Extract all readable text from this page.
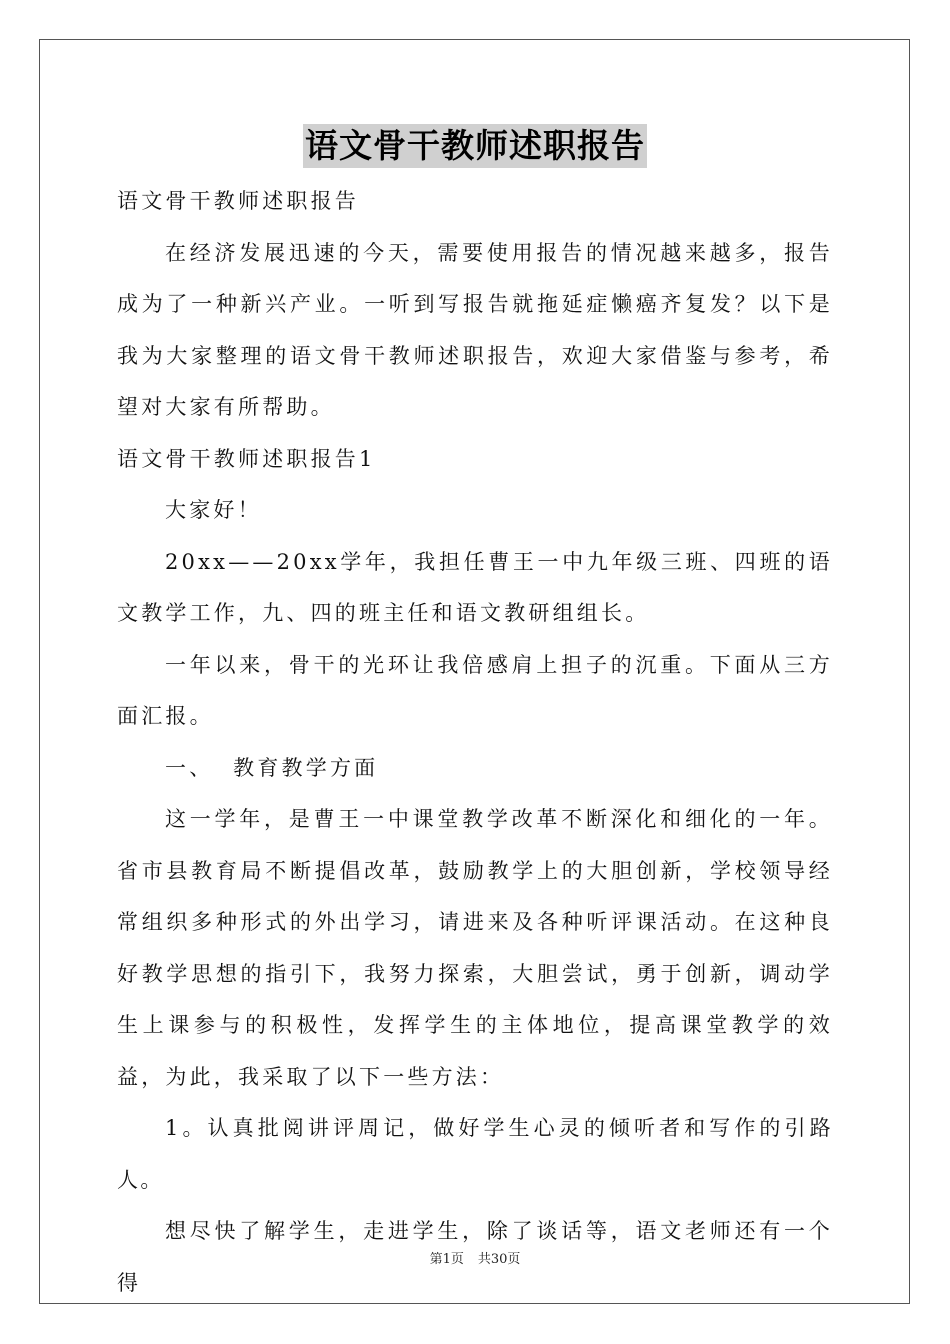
语文骨干教师述职报告

语文骨干教师述职报告

在经济发展迅速的今天，需要使用报告的情况越来越多，报告成为了一种新兴产业。一听到写报告就拖延症懒癌齐复发？以下是我为大家整理的语文骨干教师述职报告，欢迎大家借鉴与参考，希望对大家有所帮助。

语文骨干教师述职报告1

大家好！

20xx——20xx学年，我担任曹王一中九年级三班、四班的语文教学工作，九、四的班主任和语文教研组组长。

一年以来，骨干的光环让我倍感肩上担子的沉重。下面从三方面汇报。

一、  教育教学方面

这一学年，是曹王一中课堂教学改革不断深化和细化的一年。省市县教育局不断提倡改革，鼓励教学上的大胆创新，学校领导经常组织多种形式的外出学习，请进来及各种听评课活动。在这种良好教学思想的指引下，我努力探索，大胆尝试，勇于创新，调动学生上课参与的积极性，发挥学生的主体地位，提高课堂教学的效益，为此，我采取了以下一些方法：

1。认真批阅讲评周记，做好学生心灵的倾听者和写作的引路人。

想尽快了解学生，走进学生，除了谈话等，语文老师还有一个得

第1页 共30页
